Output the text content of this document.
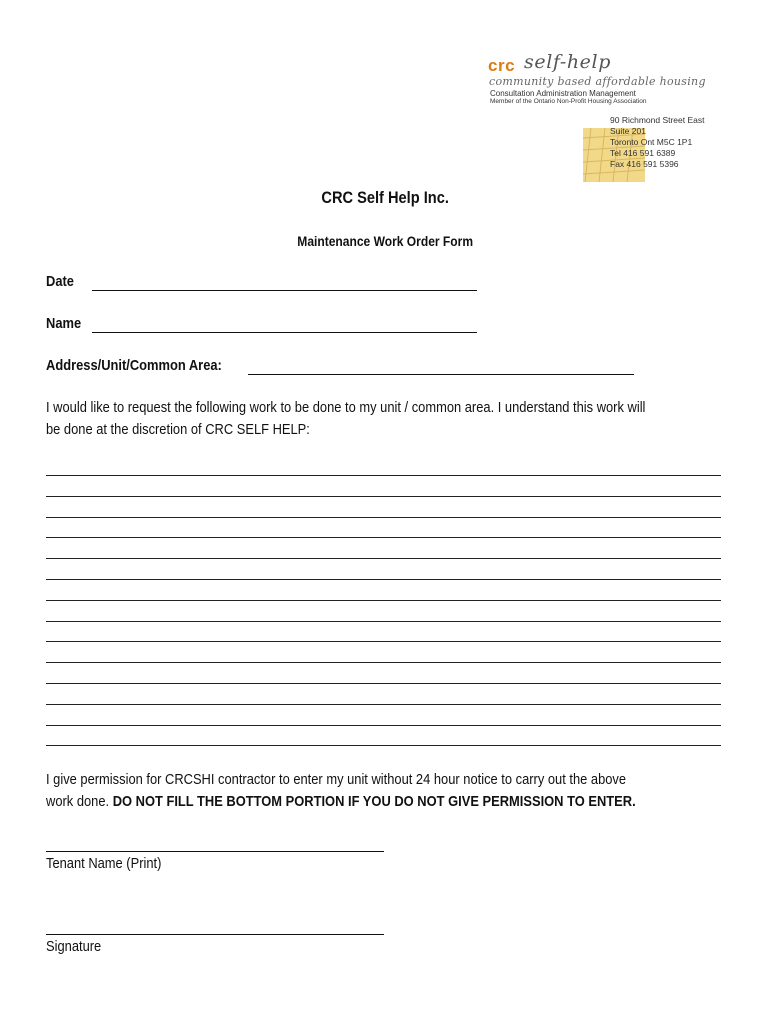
crc self-help
community based affordable housing
Consultation Administration Management
Member of the Ontario Non-Profit Housing Association
90 Richmond Street East
Suite 201
Toronto Ont M5C 1P1
Tel 416 591 6389
Fax 416 591 5396
CRC Self Help Inc.
Maintenance Work Order Form
Date
Name
Address/Unit/Common Area:
I would like to request the following work to be done to my unit / common area. I understand this work will
be done at the discretion of CRC SELF HELP:
I give permission for CRCSHI contractor to enter my unit without 24 hour notice to carry out the above
work done. DO NOT FILL THE BOTTOM PORTION IF YOU DO NOT GIVE PERMISSION TO ENTER.
Tenant Name (Print)
Signature
